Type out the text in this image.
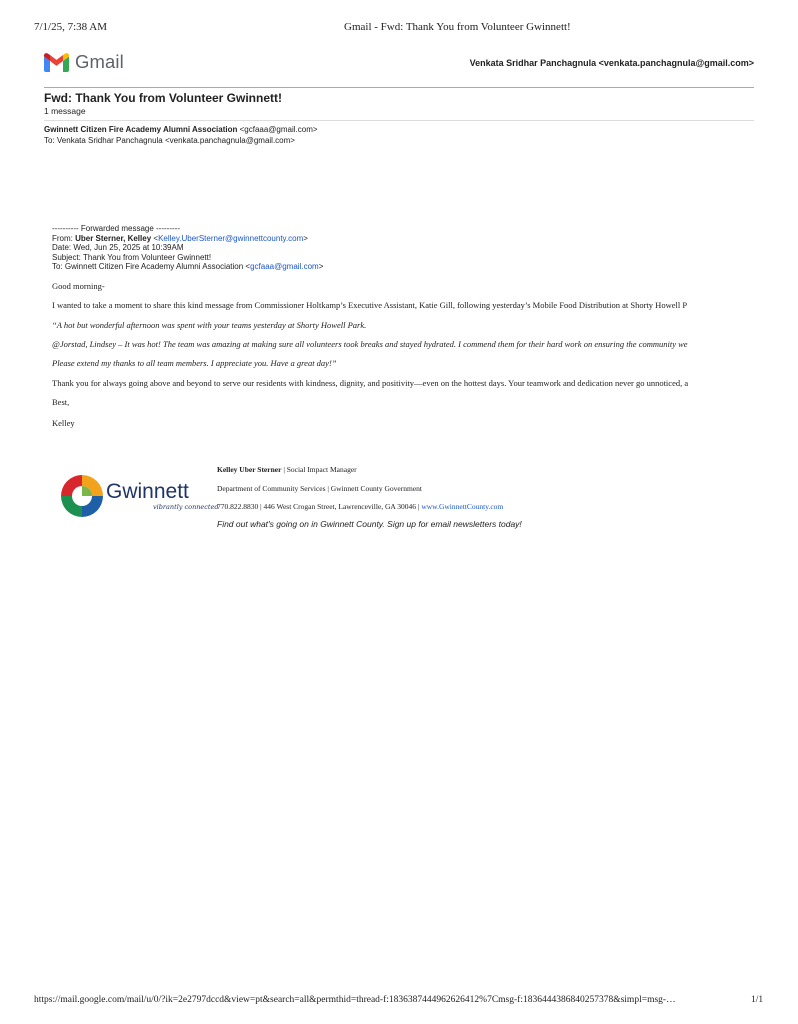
7/1/25, 7:38 AM	Gmail - Fwd: Thank You from Volunteer Gwinnett!
Gmail	Venkata Sridhar Panchagnula <venkata.panchagnula@gmail.com>
Fwd: Thank You from Volunteer Gwinnett!
1 message
Gwinnett Citizen Fire Academy Alumni Association <gcfaaa@gmail.com>
To: Venkata Sridhar Panchagnula <venkata.panchagnula@gmail.com>
---------- Forwarded message ---------
From: Uber Sterner, Kelley <Kelley.UberSterner@gwinnettcounty.com>
Date: Wed, Jun 25, 2025 at 10:39AM
Subject: Thank You from Volunteer Gwinnett!
To: Gwinnett Citizen Fire Academy Alumni Association <gcfaaa@gmail.com>
Good morning-
I wanted to take a moment to share this kind message from Commissioner Holtkamp’s Executive Assistant, Katie Gill, following yesterday’s Mobile Food Distribution at Shorty Howell P
“A hot but wonderful afternoon was spent with your teams yesterday at Shorty Howell Park.
@Jorstad, Lindsey – It was hot! The team was amazing at making sure all volunteers took breaks and stayed hydrated. I commend them for their hard work on ensuring the community we
Please extend my thanks to all team members. I appreciate you. Have a great day!”
Thank you for always going above and beyond to serve our residents with kindness, dignity, and positivity—even on the hottest days. Your teamwork and dedication never go unnoticed, a
Best,
Kelley
Gwinnett
vibrantly connected
Kelley Uber Sterner | Social Impact Manager
Department of Community Services | Gwinnett County Government
770.822.8830 | 446 West Crogan Street, Lawrenceville, GA 30046 | www.GwinnettCounty.com
Find out what's going on in Gwinnett County. Sign up for email newsletters today!
https://mail.google.com/mail/u/0/?ik=2e2797dccd&view=pt&search=all&permthid=thread-f:1836387444962626412%7Cmsg-f:1836444386840257378&simpl=msg-…	1/1
